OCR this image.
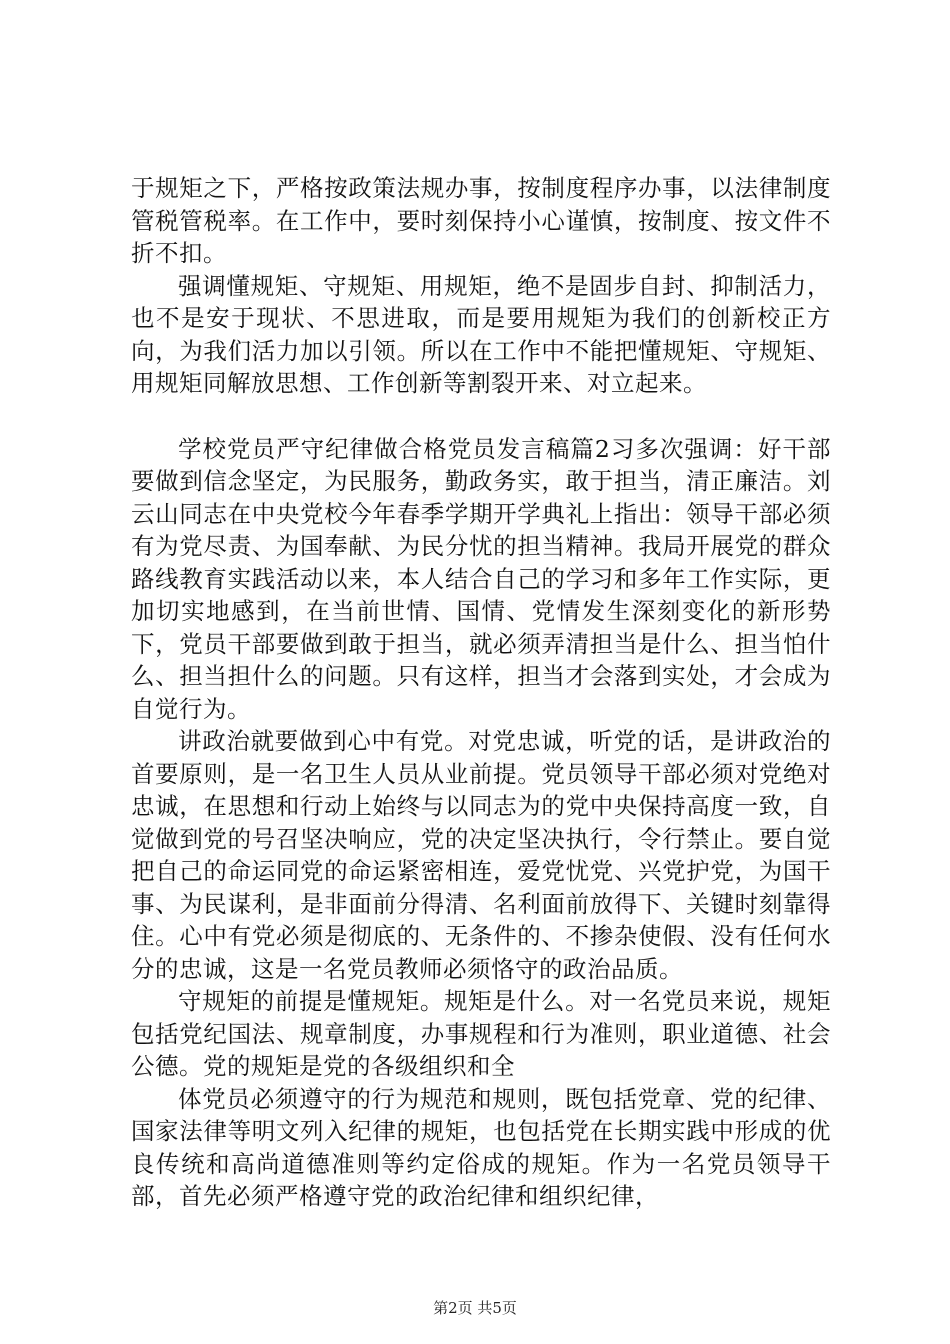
于规矩之下，严格按政策法规办事，按制度程序办事，以法律制度管税管税率。在工作中，要时刻保持小心谨慎，按制度、按文件不折不扣。

强调懂规矩、守规矩、用规矩，绝不是固步自封、抑制活力，也不是安于现状、不思进取，而是要用规矩为我们的创新校正方向，为我们活力加以引领。所以在工作中不能把懂规矩、守规矩、用规矩同解放思想、工作创新等割裂开来、对立起来。

学校党员严守纪律做合格党员发言稿篇2习多次强调：好干部要做到信念坚定，为民服务，勤政务实，敢于担当，清正廉洁。刘云山同志在中央党校今年春季学期开学典礼上指出：领导干部必须有为党尽责、为国奉献、为民分忧的担当精神。我局开展党的群众路线教育实践活动以来，本人结合自己的学习和多年工作实际，更加切实地感到，在当前世情、国情、党情发生深刻变化的新形势下，党员干部要做到敢于担当，就必须弄清担当是什么、担当怕什么、担当担什么的问题。只有这样，担当才会落到实处，才会成为自觉行为。

讲政治就要做到心中有党。对党忠诚，听党的话，是讲政治的首要原则，是一名卫生人员从业前提。党员领导干部必须对党绝对忠诚，在思想和行动上始终与以同志为的党中央保持高度一致，自觉做到党的号召坚决响应，党的决定坚决执行，令行禁止。要自觉把自己的命运同党的命运紧密相连，爱党忧党、兴党护党，为国干事、为民谋利，是非面前分得清、名利面前放得下、关键时刻靠得住。心中有党必须是彻底的、无条件的、不掺杂使假、没有任何水分的忠诚，这是一名党员教师必须恪守的政治品质。

守规矩的前提是懂规矩。规矩是什么。对一名党员来说，规矩包括党纪国法、规章制度，办事规程和行为准则，职业道德、社会公德。党的规矩是党的各级组织和全

体党员必须遵守的行为规范和规则，既包括党章、党的纪律、国家法律等明文列入纪律的规矩，也包括党在长期实践中形成的优良传统和高尚道德准则等约定俗成的规矩。作为一名党员领导干部，首先必须严格遵守党的政治纪律和组织纪律，

第2页 共5页
